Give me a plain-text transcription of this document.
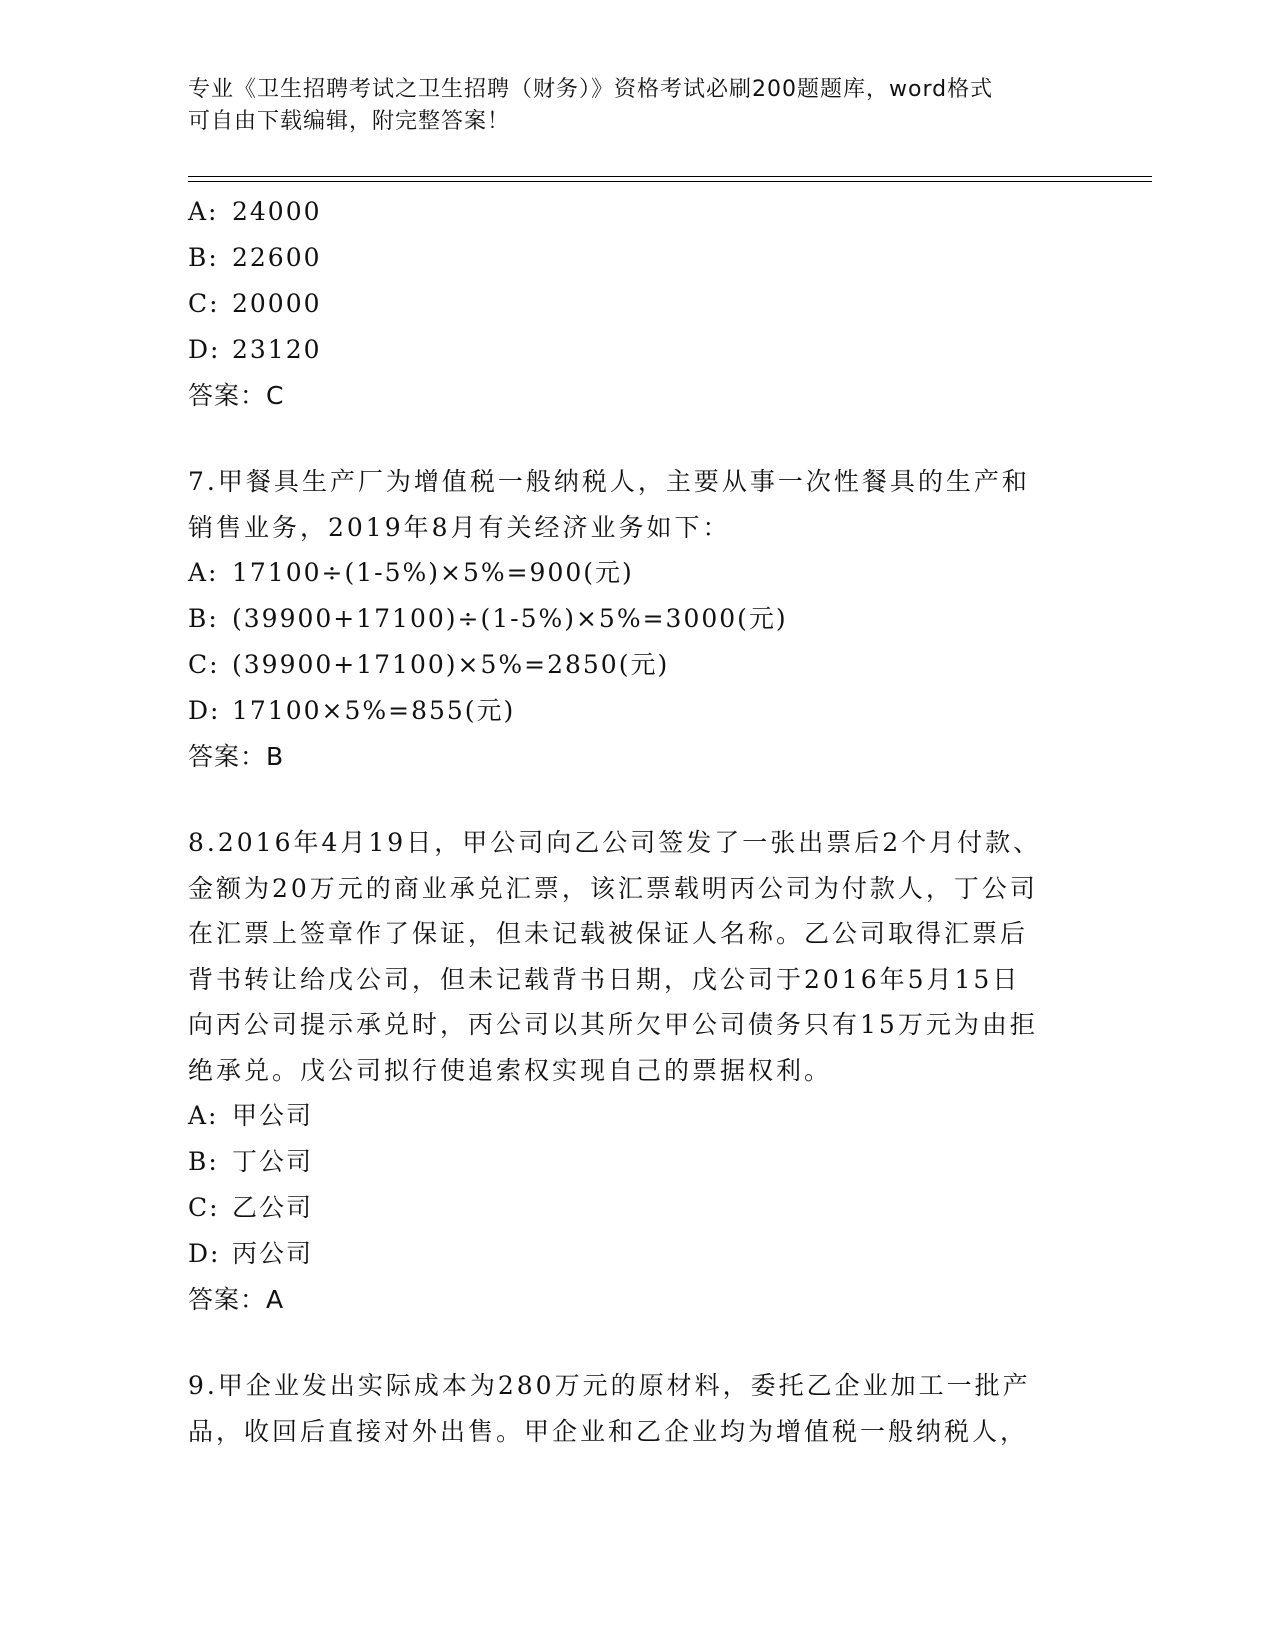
专业《卫生招聘考试之卫生招聘（财务）》资格考试必刷200题题库，word格式
可自由下载编辑，附完整答案！
A: 24000
B: 22600
C: 20000
D: 23120
答案：C
7.甲餐具生产厂为增值税一般纳税人，主要从事一次性餐具的生产和
销售业务，2019年8月有关经济业务如下：
A: 17100÷(1-5%)×5%=900(元)
B: (39900+17100)÷(1-5%)×5%=3000(元)
C: (39900+17100)×5%=2850(元)
D: 17100×5%=855(元)
答案：B
8.2016年4月19日，甲公司向乙公司签发了一张出票后2个月付款、
金额为20万元的商业承兑汇票，该汇票载明丙公司为付款人，丁公司
在汇票上签章作了保证，但未记载被保证人名称。乙公司取得汇票后
背书转让给戊公司，但未记载背书日期，戊公司于2016年5月15日
向丙公司提示承兑时，丙公司以其所欠甲公司债务只有15万元为由拒
绝承兑。戊公司拟行使追索权实现自己的票据权利。
A: 甲公司
B: 丁公司
C: 乙公司
D: 丙公司
答案：A
9.甲企业发出实际成本为280万元的原材料，委托乙企业加工一批产
品，收回后直接对外出售。甲企业和乙企业均为增值税一般纳税人，
